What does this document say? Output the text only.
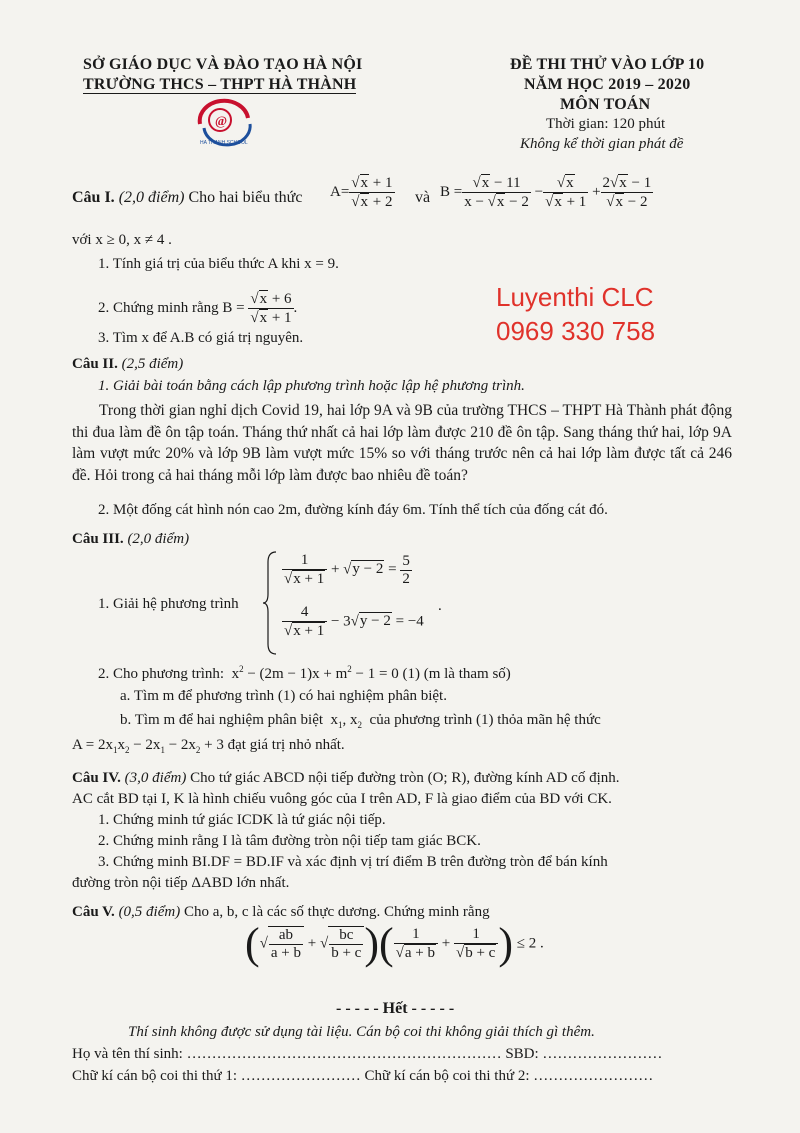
SỞ GIÁO DỤC VÀ ĐÀO TẠO HÀ NỘI
TRƯỜNG THCS – THPT HÀ THÀNH
@
HA THANH SCHOOL
ĐỀ THI THỬ VÀO LỚP 10
NĂM HỌC 2019 – 2020
MÔN TOÁN
Thời gian: 120 phút
Không kể thời gian phát đề
Câu I. (2,0 điểm) Cho hai biểu thức $A= \frac{√x + 1}{√x + 2}$ và $B = \frac{√x - 11}{x - √x - 2} - \frac{√x}{√x + 1} + \frac{2√x - 1}{√x - 2}$
với x ≥ 0, x ≠ 4 .
1. Tính giá trị của biểu thức A khi x = 9.
2. Chứng minh rằng $B = \frac{√x + 6}{√x + 1}$ .
3. Tìm x để A.B có giá trị nguyên.
Luyenthi CLC
0969 330 758
Câu II. (2,5 điểm)
1. Giải bài toán bằng cách lập phương trình hoặc lập hệ phương trình.
Trong thời gian nghỉ dịch Covid 19, hai lớp 9A và 9B của trường THCS – THPT Hà Thành phát động thi đua làm đề ôn tập toán. Tháng thứ nhất cả hai lớp làm được 210 đề ôn tập. Sang tháng thứ hai, lớp 9A làm vượt mức 20% và lớp 9B làm vượt mức 15% so với tháng trước nên cả hai lớp làm được tất cả 246 đề. Hỏi trong cả hai tháng mỗi lớp làm được bao nhiêu đề toán?
2. Một đống cát hình nón cao 2m, đường kính đáy 6m. Tính thể tích của đống cát đó.
Câu III. (2,0 điểm)
1. Giải hệ phương trình
$\frac{1}{√x + 1} + √y - 2 = \frac{5}{2}$
$\frac{4}{√x + 1} - 3√y - 2 = -4$
.
2. Cho phương trình:  $x^2 - (2m - 1)x + m^2 - 1 = 0$ (1) (m là tham số)
a. Tìm m để phương trình (1) có hai nghiệm phân biệt.
b. Tìm m để hai nghiệm phân biệt  $x_1$, $x_2$ của phương trình (1) thỏa mãn hệ thức
$A = 2x_1x_2 - 2x_1 - 2x_2 + 3$ đạt giá trị nhỏ nhất.
Câu IV. (3,0 điểm) Cho tứ giác ABCD nội tiếp đường tròn (O; R), đường kính AD cố định.
AC cắt BD tại I, K là hình chiếu vuông góc của I trên AD, F là giao điểm của BD với CK.
1. Chứng minh tứ giác ICDK là tứ giác nội tiếp.
2. Chứng minh rằng I là tâm đường tròn nội tiếp tam giác BCK.
3. Chứng minh BI.DF = BD.IF và xác định vị trí điểm B trên đường tròn để bán kính
đường tròn nội tiếp ΔABD lớn nhất.
Câu V. (0,5 điểm) Cho a, b, c là các số thực dương. Chứng minh rằng
(√ $\frac{ab}{a + b}$ + √ $\frac{bc}{b + c}$ )( $\frac{1}{√a + b} + \frac{1}{√b + c}$ ) ≤ 2 .
- - - - - Hết - - - - -
Thí sinh không được sử dụng tài liệu. Cán bộ coi thi không giải thích gì thêm.
Họ và tên thí sinh: ……………………………………………………… SBD: ……………………
Chữ kí cán bộ coi thi thứ 1: …………………… Chữ kí cán bộ coi thi thứ 2: ……………………
